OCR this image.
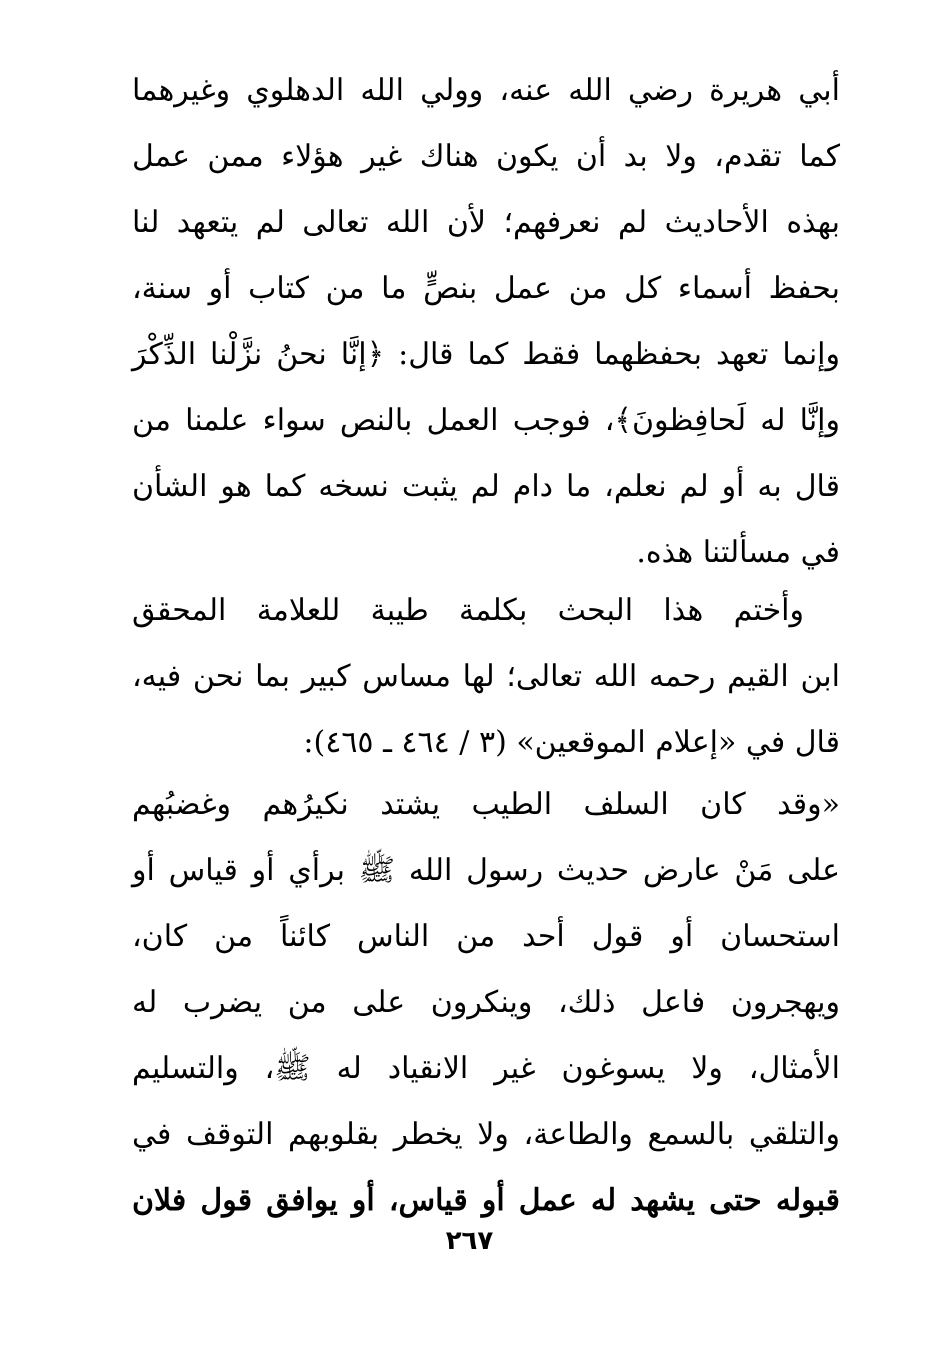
أبي هريرة رضي الله عنه، وولي الله الدهلوي وغيرهما
كما تقدم، ولا بد أن يكون هناك غير هؤلاء ممن عمل
بهذه الأحاديث لم نعرفهم؛ لأن الله تعالى لم يتعهد لنا
بحفظ أسماء كل من عمل بنصٍّ ما من كتاب أو سنة،
وإنما تعهد بحفظهما فقط كما قال: ﴿إنَّا نحنُ نزَّلْنا الذِّكْرَ
وإنَّا له لَحافِظونَ﴾، فوجب العمل بالنص سواء علمنا من
قال به أو لم نعلم، ما دام لم يثبت نسخه كما هو الشأن
في مسألتنا هذه.
وأختم هذا البحث بكلمة طيبة للعلامة المحقق
ابن القيم رحمه الله تعالى؛ لها مساس كبير بما نحن فيه،
قال في «إعلام الموقعين» (٣ / ٤٦٤ ـ ٤٦٥):
«وقد كان السلف الطيب يشتد نكيرُهم وغضبُهم
على مَنْ عارض حديث رسول الله ﷺ برأي أو قياس أو
استحسان أو قول أحد من الناس كائناً من كان،
ويهجرون فاعل ذلك، وينكرون على من يضرب له
الأمثال، ولا يسوغون غير الانقياد له ﷺ، والتسليم
والتلقي بالسمع والطاعة، ولا يخطر بقلوبهم التوقف في
قبوله حتى يشهد له عمل أو قياس، أو يوافق قول فلان
٢٦٧
